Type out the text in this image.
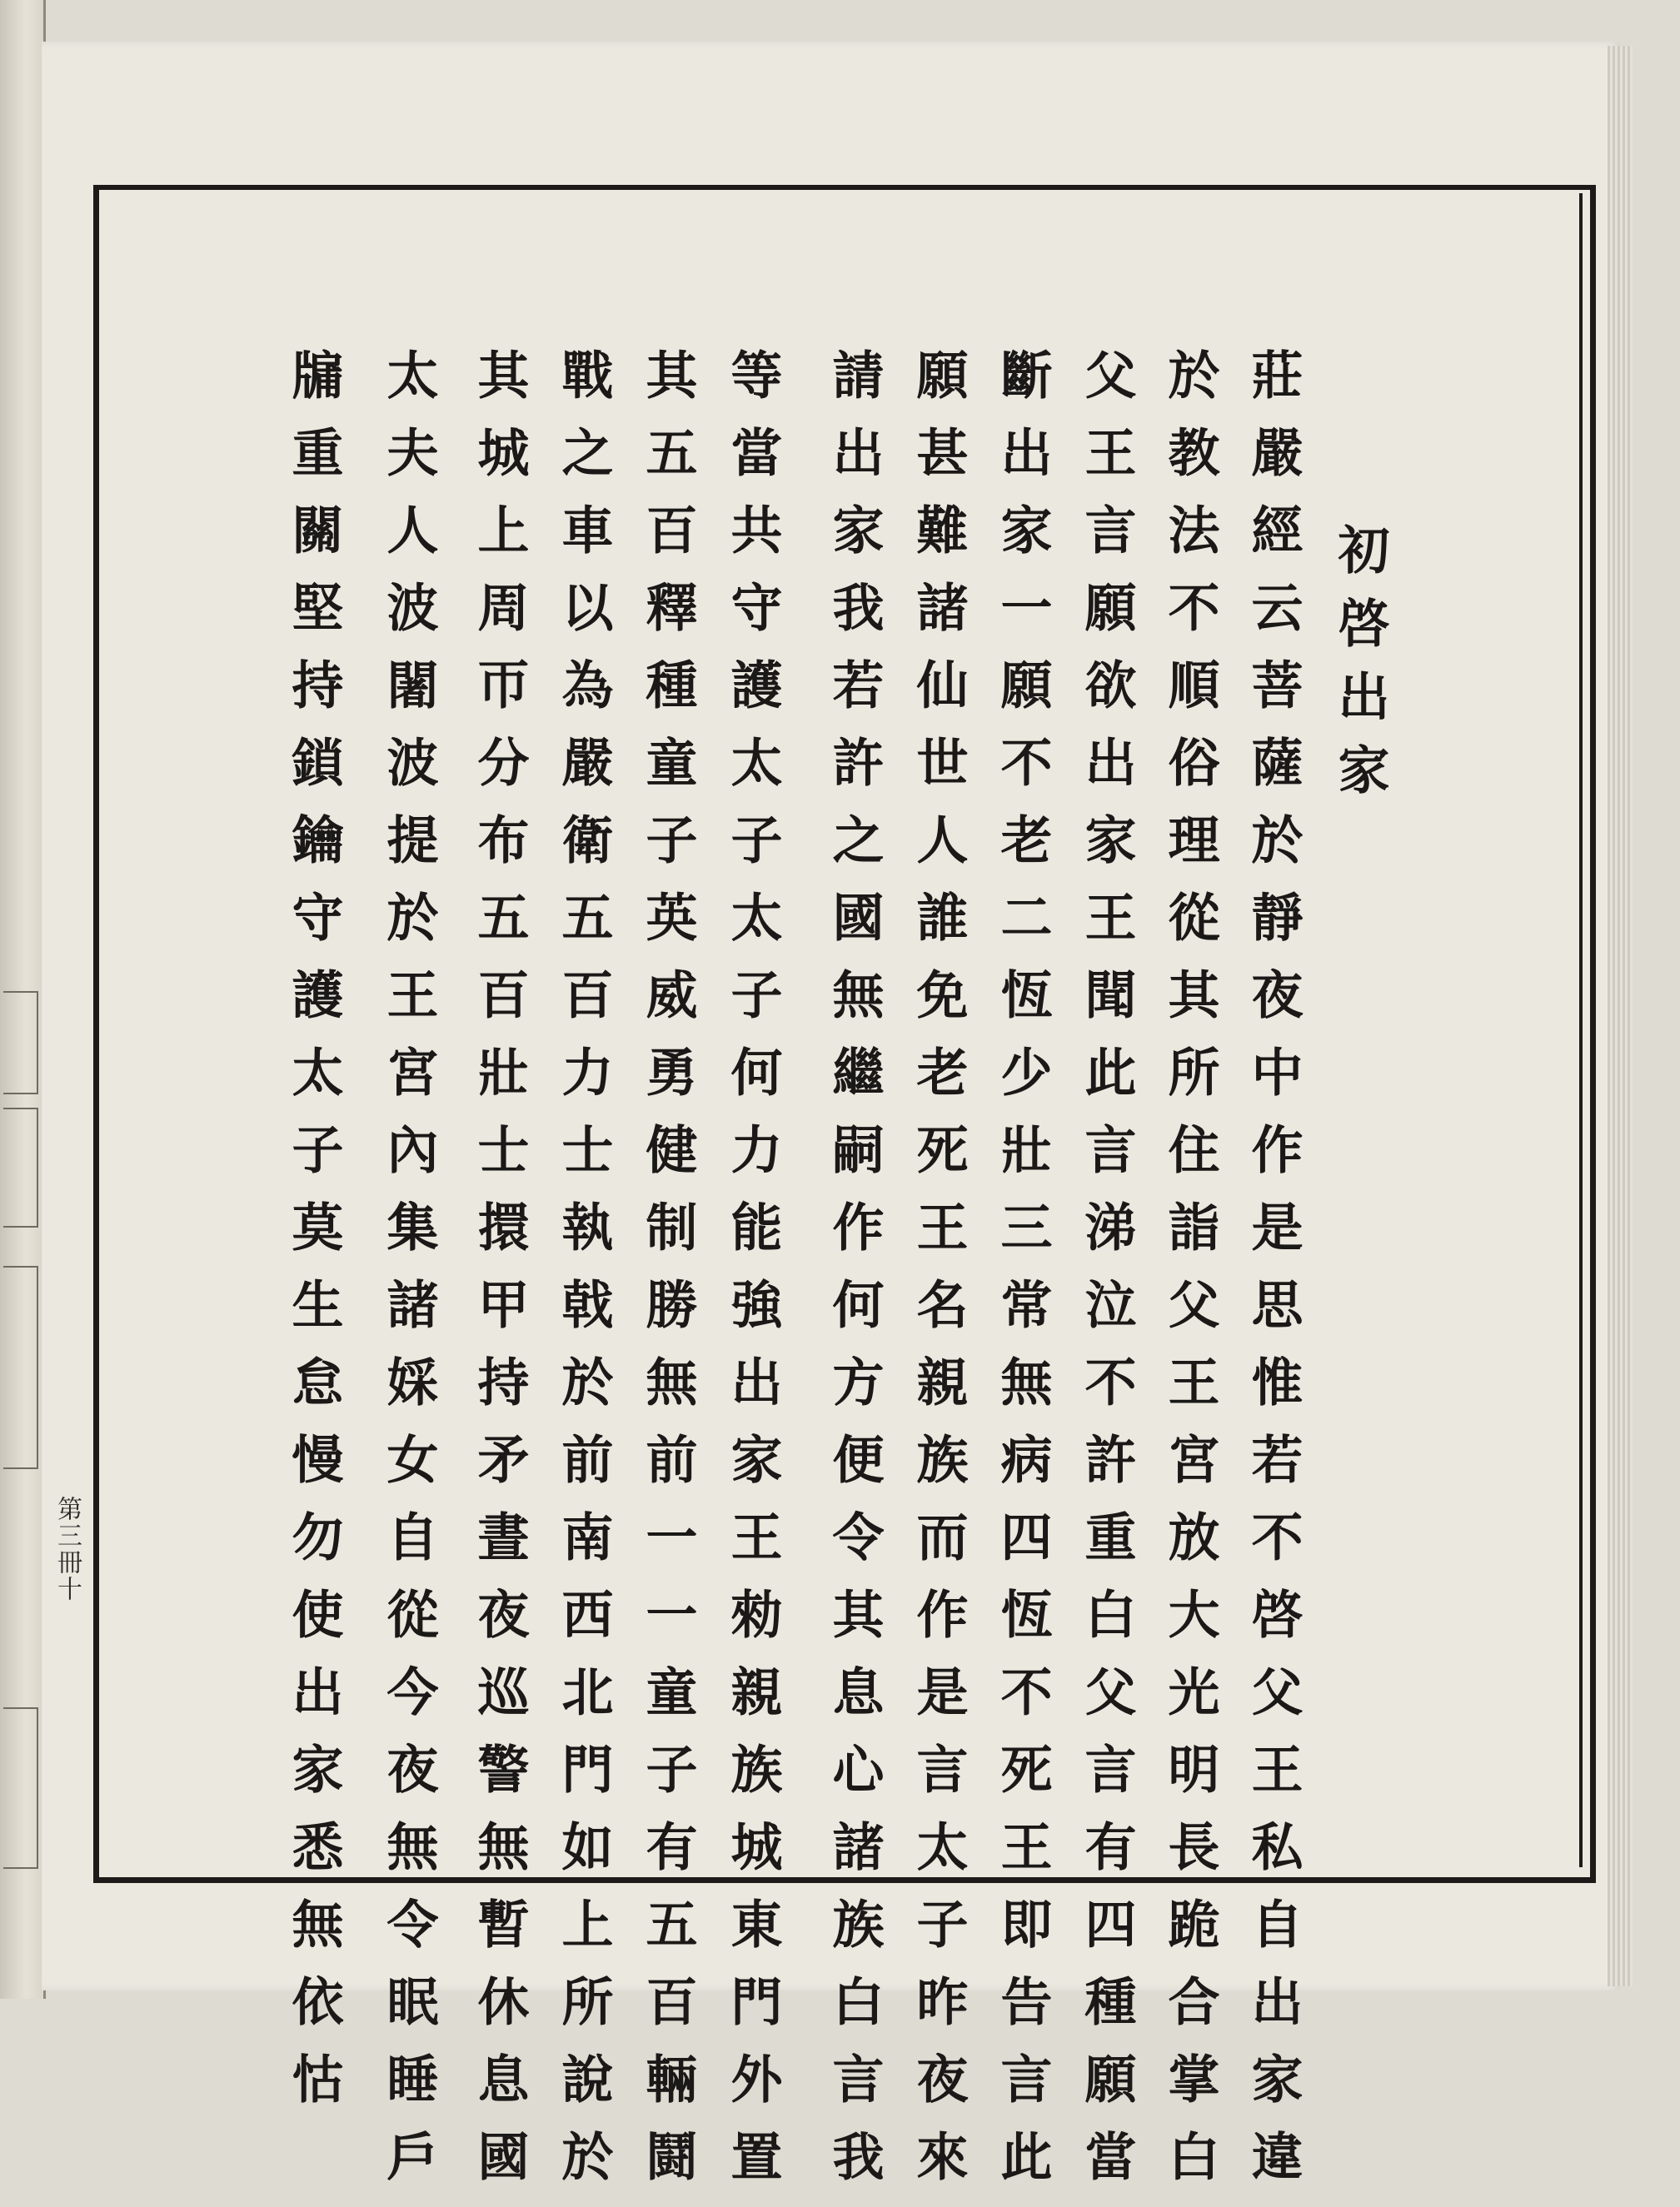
初啓出家
莊嚴經云菩薩於靜夜中作是思惟若不啓父王私自出家違
於教法不順俗理從其所住詣父王宮放大光明長跪合掌白
父王言願欲出家王聞此言涕泣不許重白父言有四種願當
斷出家一願不老二恆少壯三常無病四恆不死王即告言此
願甚難諸仙世人誰免老死王名親族而作是言太子昨夜來
請出家我若許之國無繼嗣作何方便令其息心諸族白言我
等當共守護太子太子何力能強出家王勑親族城東門外置
其五百釋種童子英威勇健制勝無前一一童子有五百輛鬪
戰之車以為嚴衛五百力士執戟於前南西北門如上所說於
其城上周帀分布五百壯士擐甲持矛晝夜巡警無暫休息國
太夫人波闍波提於王宮內集諸婇女自從今夜無令眠睡戶
牖重關堅持鎖鑰守護太子莫生怠慢勿使出家悉無依怙
第三冊十
